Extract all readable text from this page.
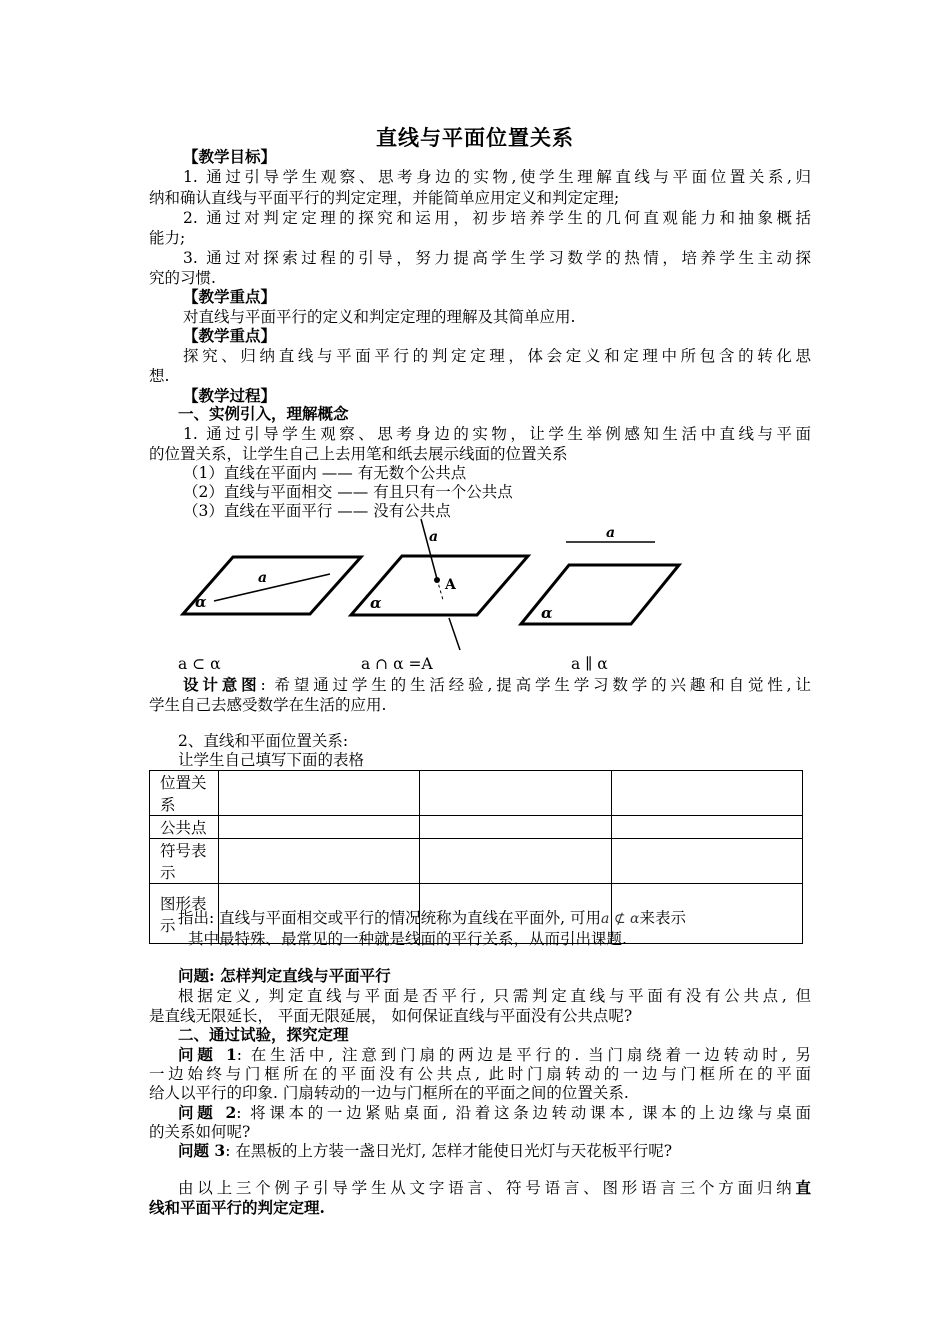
直线与平面位置关系
【教学目标】
1. 通过引导学生观察、思考身边的实物,使学生理解直线与平面位置关系,归
纳和确认直线与平面平行的判定定理，并能简单应用定义和判定定理;
2. 通过对判定定理的探究和运用，初步培养学生的几何直观能力和抽象概括
能力;
3. 通过对探索过程的引导，努力提高学生学习数学的热情，培养学生主动探
究的习惯.
【教学重点】
对直线与平面平行的定义和判定定理的理解及其简单应用.
【教学重点】
探究、归纳直线与平面平行的判定定理，体会定义和定理中所包含的转化思
想.
【教学过程】
一、实例引入，理解概念
1. 通过引导学生观察、思考身边的实物，让学生举例感知生活中直线与平面
的位置关系，让学生自己上去用笔和纸去展示线面的位置关系
（1）直线在平面内 —— 有无数个公共点
（2）直线与平面相交 —— 有且只有一个公共点
（3）直线在平面平行 —— 没有公共点
a
α
a
A
α
a
α
a ⊂ α	a ∩ α =A	a ∥ α
设计意图: 希望通过学生的生活经验,提高学生学习数学的兴趣和自觉性,让
学生自己去感受数学在生活的应用.
2、直线和平面位置关系:
让学生自己填写下面的表格
位置关系			
公共点			
符号表示			
图形表示			指出: 直线与平面相交或平行的情况统称为直线在平面外, 可用a ⊄ α来表示
其中最特殊、最常见的一种就是线面的平行关系，从而引出课题.
问题: 怎样判定直线与平面平行
根据定义, 判定直线与平面是否平行, 只需判定直线与平面有没有公共点, 但
是直线无限延长， 平面无限延展， 如何保证直线与平面没有公共点呢?
二、通过试验，探究定理
问题 1: 在生活中, 注意到门扇的两边是平行的. 当门扇绕着一边转动时, 另
一边始终与门框所在的平面没有公共点, 此时门扇转动的一边与门框所在的平面
给人以平行的印象. 门扇转动的一边与门框所在的平面之间的位置关系.
问题 2: 将课本的一边紧贴桌面, 沿着这条边转动课本, 课本的上边缘与桌面
的关系如何呢?
问题 3: 在黑板的上方装一盏日光灯, 怎样才能使日光灯与天花板平行呢?
由以上三个例子引导学生从文字语言、符号语言、图形语言三个方面归纳直
线和平面平行的判定定理.
